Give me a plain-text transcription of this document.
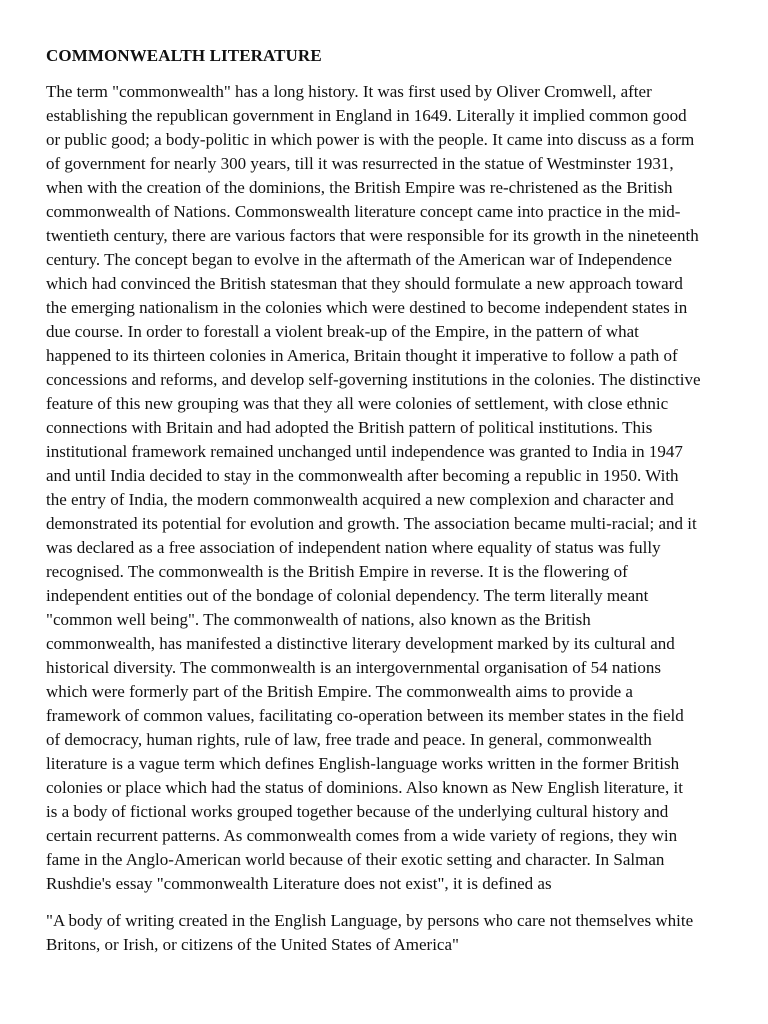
COMMONWEALTH LITERATURE
The term "commonwealth" has a long history. It was first used by Oliver Cromwell, after
establishing the republican government in England in 1649. Literally it implied common good
or public good; a body-politic in which power is with the people. It came into discuss as a form
of government for nearly 300 years, till it was resurrected in the statue of Westminster 1931,
when with the creation of the dominions, the British Empire was re-christened as the British
commonwealth of Nations. Commonswealth literature concept came into practice in the mid-
twentieth century, there are various factors that were responsible for its growth in the nineteenth
century. The concept began to evolve in the aftermath of the American war of Independence
which had convinced the British statesman that they should formulate a new approach toward
the emerging nationalism in the colonies which were destined to become independent states in
due course. In order to forestall a violent break-up of the Empire, in the pattern of what
happened to its thirteen colonies in America, Britain thought it imperative to follow a path of
concessions and reforms, and develop self-governing institutions in the colonies. The distinctive
feature of this new grouping was that they all were colonies of settlement, with close ethnic
connections with Britain and had adopted the British pattern of political institutions. This
institutional framework remained unchanged until independence was granted to India in 1947
and until India decided to stay in the commonwealth after becoming a republic in 1950. With
the entry of India, the modern commonwealth acquired a new complexion and character and
demonstrated its potential for evolution and growth. The association became multi-racial; and it
was declared as a free association of independent nation where equality of status was fully
recognised. The commonwealth is the British Empire in reverse. It is the flowering of
independent entities out of the bondage of colonial dependency. The term literally meant
"common well being". The commonwealth of nations, also known as the British
commonwealth, has manifested a distinctive literary development marked by its cultural and
historical diversity. The commonwealth is an intergovernmental organisation of 54 nations
which were formerly part of the British Empire. The commonwealth aims to provide a
framework of common values, facilitating co-operation between its member states in the field
of democracy, human rights, rule of law, free trade and peace. In general, commonwealth
literature is a vague term which defines English-language works written in the former British
colonies or place which had the status of dominions. Also known as New English literature, it
is a body of fictional works grouped together because of the underlying cultural history and
certain recurrent patterns. As commonwealth comes from a wide variety of regions, they win
fame in the Anglo-American world because of their exotic setting and character. In Salman
Rushdie's essay "commonwealth Literature does not exist", it is defined as
"A body of writing created in the English Language, by persons who care not themselves white
Britons, or Irish, or citizens of the United States of America"
